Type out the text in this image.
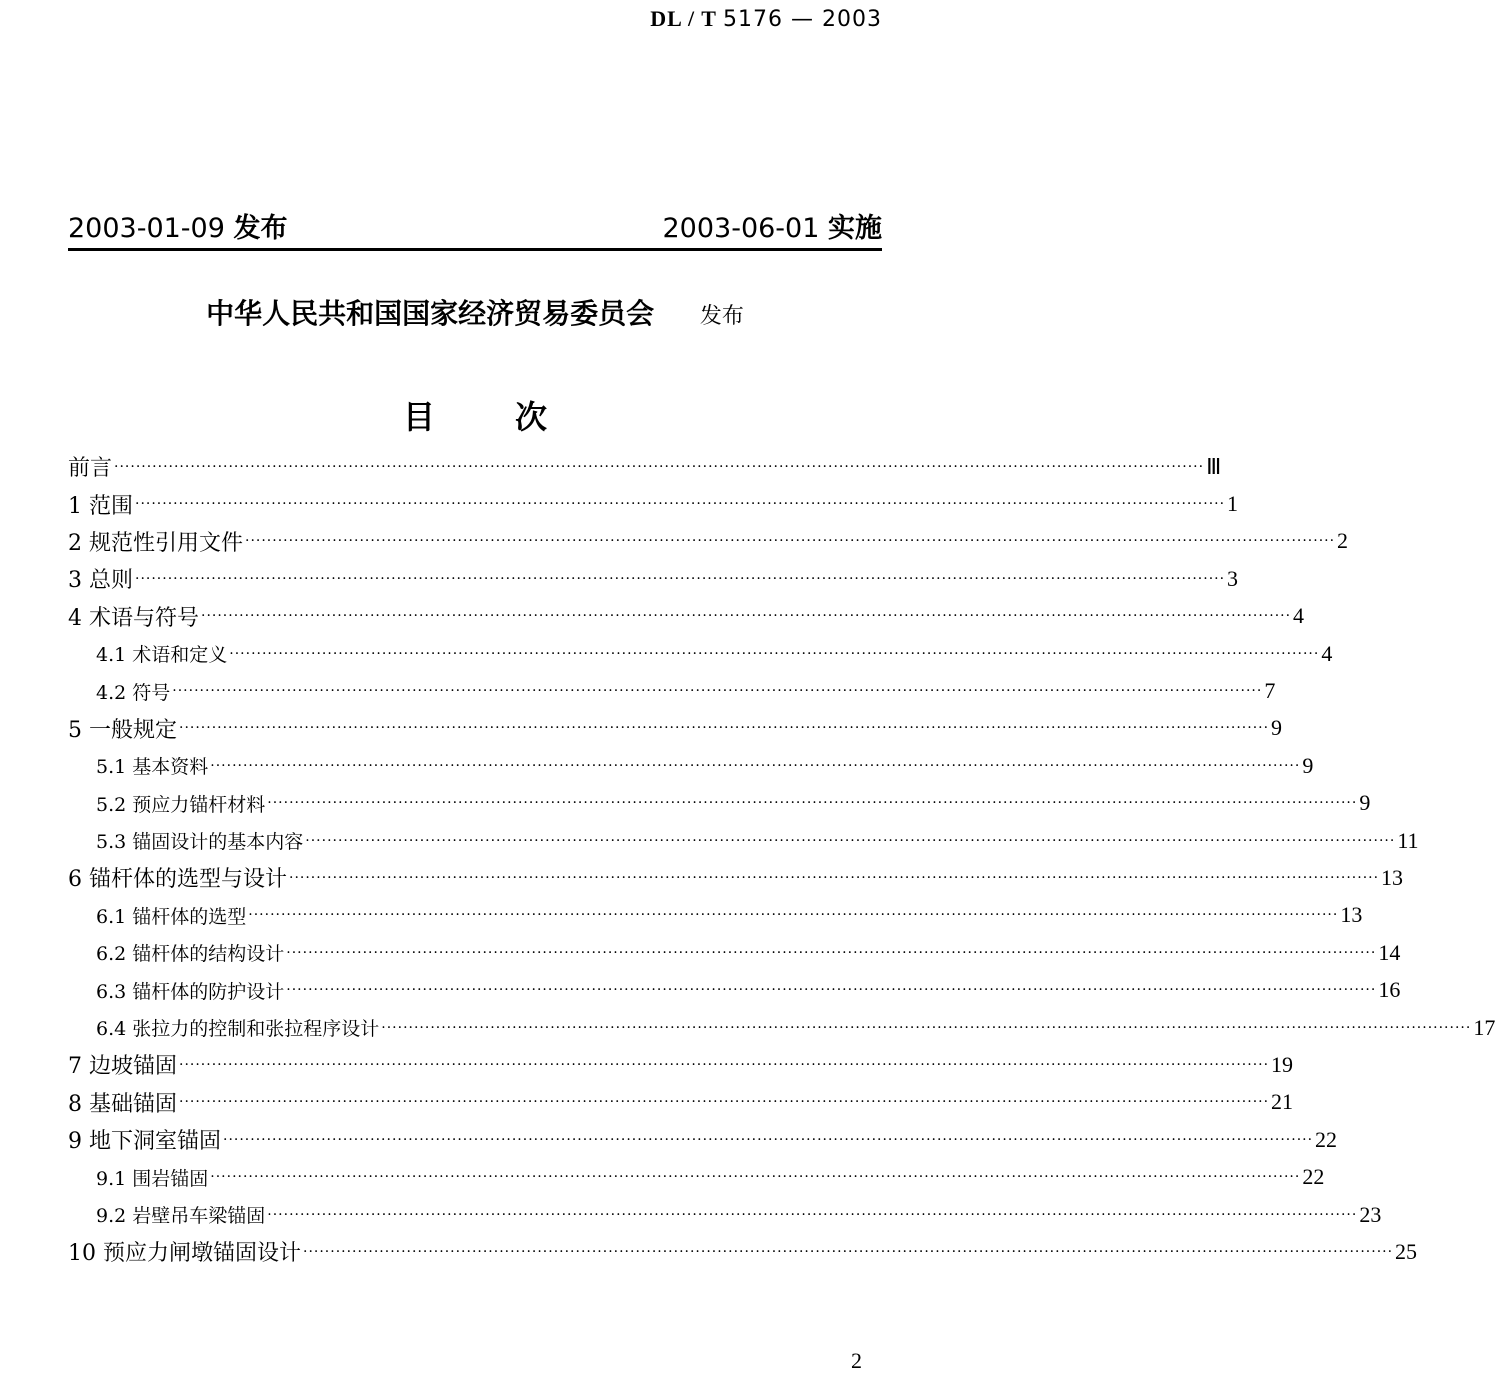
DL / T 5176 — 2003
2003-01-09 发布	2003-06-01 实施
中华人民共和国国家经济贸易委员会 发布
目次
前言 ········································································································································································································ Ⅲ
1 范围 ········································································································································································································ 1
2 规范性引用文件 ········································································································································································································ 2
3 总则 ········································································································································································································ 3
4 术语与符号 ········································································································································································································ 4
4.1 术语和定义 ········································································································································································································ 4
4.2 符号 ········································································································································································································ 7
5 一般规定 ········································································································································································································ 9
5.1 基本资料 ········································································································································································································ 9
5.2 预应力锚杆材料 ········································································································································································································ 9
5.3 锚固设计的基本内容 ········································································································································································································ 11
6 锚杆体的选型与设计 ········································································································································································································ 13
6.1 锚杆体的选型 ········································································································································································································ 13
6.2 锚杆体的结构设计 ········································································································································································································ 14
6.3 锚杆体的防护设计 ········································································································································································································ 16
6.4 张拉力的控制和张拉程序设计 ········································································································································································································ 17
7 边坡锚固 ········································································································································································································ 19
8 基础锚固 ········································································································································································································ 21
9 地下洞室锚固 ········································································································································································································ 22
9.1 围岩锚固 ········································································································································································································ 22
9.2 岩壁吊车梁锚固 ········································································································································································································ 23
10 预应力闸墩锚固设计 ········································································································································································································ 25
2
